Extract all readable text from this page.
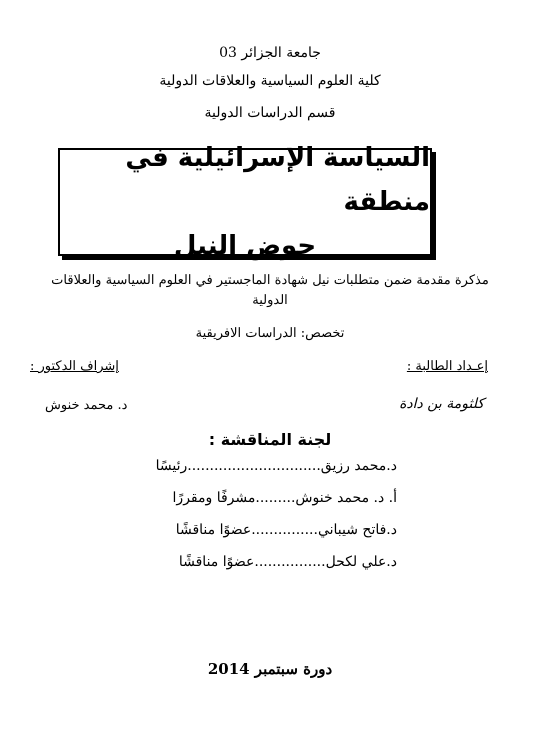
جامعة الجزائر 03
كلية العلوم السياسية والعلاقات الدولية
قسم الدراسات الدولية
السياسة الإسرائيلية في منطقة
حوض النيل
مذكرة مقدمة ضمن متطلبات نيل شهادة الماجستير في العلوم السياسية والعلاقات الدولية
تخصص: الدراسات الافريقية
إعـداد الطالبة :
إشراف الدكتور :
كلثومة بن دادة
د. محمد خنوش
لجنة المناقشة :
د.محمد رزيق..............................رئيسًا
أ. د. محمد خنوش.........مشرفًا ومقررًا
د.فاتح شيباني...............عضوًا مناقشًا
د.علي لكحل................عضوًا مناقشًا
دورة سبتمبر 2014
